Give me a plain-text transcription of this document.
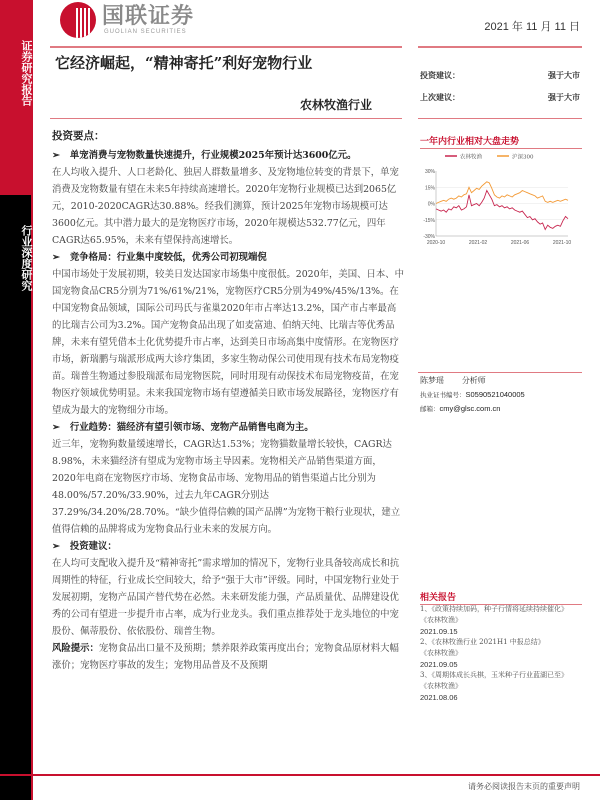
证券研究报告
行业深度研究
国联证券
GUOLIAN SECURITIES	2021 年 11 月 11 日
它经济崛起，“精神寄托”利好宠物行业
农林牧渔行业
投资建议：	强于大市
上次建议：	强于大市
投资要点：
➢ 单宠消费与宠物数量快速提升，行业规模2025年预计达3600亿元。

在人均收入提升、人口老龄化、独居人群数量增多、及宠物地位转变的背景下，单宠消费及宠物数量有望在未来5年持续高速增长。2020年宠物行业规模已达到2065亿元，2010-2020CAGR达30.88%。经我们测算，预计2025年宠物市场规模可达3600亿元。其中潜力最大的是宠物医疗市场，2020年规模达532.77亿元，四年CAGR达65.95%，未来有望保持高速增长。

➢ 竞争格局：行业集中度较低，优秀公司初现端倪

中国市场处于发展初期，较美日发达国家市场集中度很低。2020年，美国、日本、中国宠物食品CR5分别为71%/61%/21%，宠物医疗CR5分别为49%/45%/13%。在中国宠物食品领域，国际公司玛氏与雀巢2020年市占率达13.2%，国产市占率最高的比瑞吉公司为3.2%。国产宠物食品出现了如麦富迪、伯纳天纯、比瑞吉等优秀品牌，未来有望凭借本土化优势提升市占率，达到美日市场高集中度情形。在宠物医疗市场，新瑞鹏与瑞派形成两大诊疗集团，多家生物动保公司使用现有技术布局宠物疫苗。瑞普生物通过参股瑞派布局宠物医院，同时用现有动保技术布局宠物疫苗，在宠物医疗领域优势明显。未来我国宠物市场有望遵循美日欧市场发展路径，宠物医疗有望成为最大的宠物细分市场。

➢ 行业趋势：猫经济有望引领市场、宠物产品销售电商为主。

近三年，宠物狗数量缓速增长，CAGR达1.53%；宠物猫数量增长较快，CAGR达8.98%，未来猫经济有望成为宠物市场主导因素。宠物相关产品销售渠道方面，2020年电商在宠物医疗市场、宠物食品市场、宠物用品的销售渠道占比分别为48.00%/57.20%/33.90%，过去九年CAGR分别达37.29%/34.20%/28.70%。“缺少值得信赖的国产品牌”为宠物干粮行业现状，建立值得信赖的品牌将成为宠物食品行业未来的发展方向。

➢ 投资建议：

在人均可支配收入提升及“精神寄托”需求增加的情况下，宠物行业具备较高成长和抗周期性的特征，行业成长空间较大，给予“强于大市”评级。同时，中国宠物行业处于发展初期，宠物产品国产替代势在必然。未来研发能力强，产品质量优、品牌建设优秀的公司有望进一步提升市占率，成为行业龙头。我们重点推荐处于龙头地位的中宠股份、佩蒂股份、依依股份、瑞普生物。

风险提示：宠物食品出口量不及预期；禁养限养政策再度出台；宠物食品原材料大幅涨价；宠物医疗事故的发生；宠物用品普及不及预期

一年内行业相对大盘走势
农林牧渔	沪深300
30%
15%
0%
-15%
-30%
2020-10	2021-02	2021-06	2021-10
陈梦瑶 分析师
执业证书编号：S0590521040005
邮箱：cmy@glsc.com.cn
相关报告
1、《政策持续加码，种子行情将延续持续催化》
《农林牧渔》
2021.09.15
2、《农林牧渔行业 2021H1 中报总结》
《农林牧渔》
2021.09.05
3、《周期体成长兵棋，玉米种子行业蓝湖已至》
《农林牧渔》
2021.08.06
请务必阅读报告末页的重要声明
